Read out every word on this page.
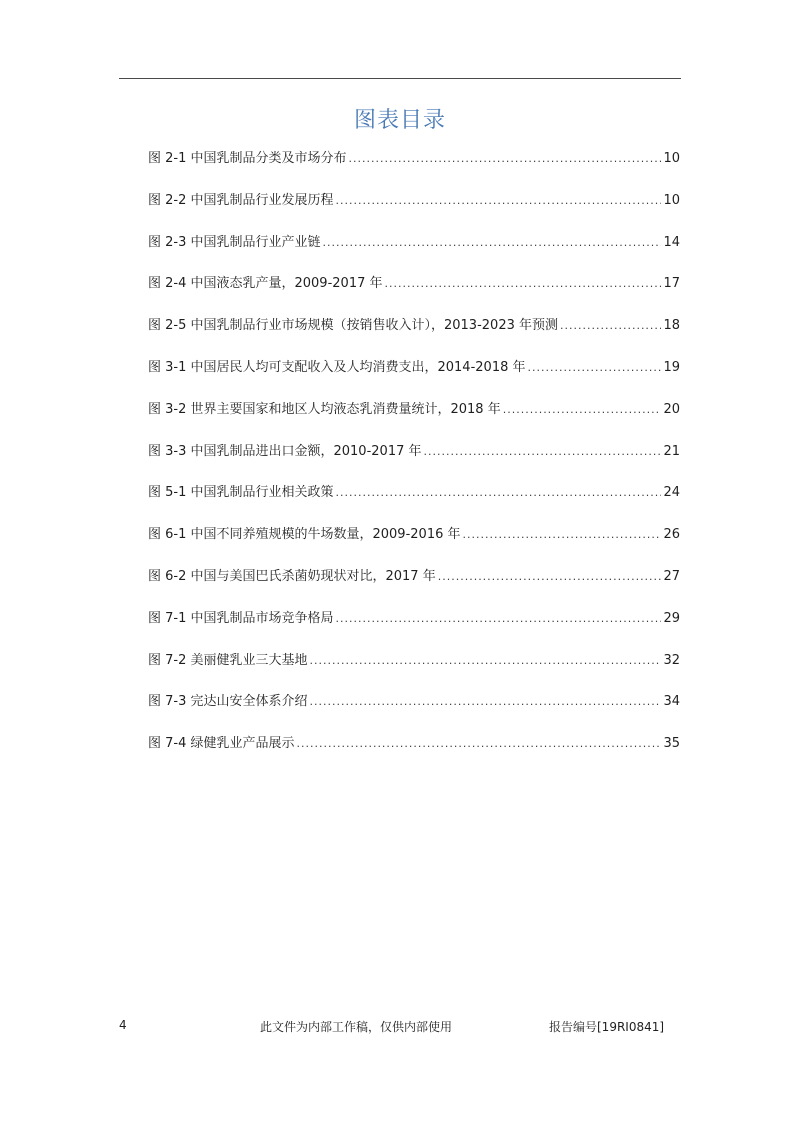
图表目录
图 2-1 中国乳制品分类及市场分布 .....	10
图 2-2 中国乳制品行业发展历程 .....	10
图 2-3 中国乳制品行业产业链 .....	14
图 2-4 中国液态乳产量，2009-2017 年 .....	17
图 2-5 中国乳制品行业市场规模（按销售收入计），2013-2023 年预测 .....	18
图 3-1 中国居民人均可支配收入及人均消费支出，2014-2018 年 .....	19
图 3-2 世界主要国家和地区人均液态乳消费量统计，2018 年 .....	20
图 3-3 中国乳制品进出口金额，2010-2017 年 .....	21
图 5-1 中国乳制品行业相关政策 .....	24
图 6-1 中国不同养殖规模的牛场数量，2009-2016 年 .....	26
图 6-2 中国与美国巴氏杀菌奶现状对比，2017 年 .....	27
图 7-1 中国乳制品市场竞争格局 .....	29
图 7-2 美丽健乳业三大基地 .....	32
图 7-3 完达山安全体系介绍 .....	34
图 7-4 绿健乳业产品展示 .....	35
4	此文件为内部工作稿，仅供内部使用	报告编号[19RI0841]
